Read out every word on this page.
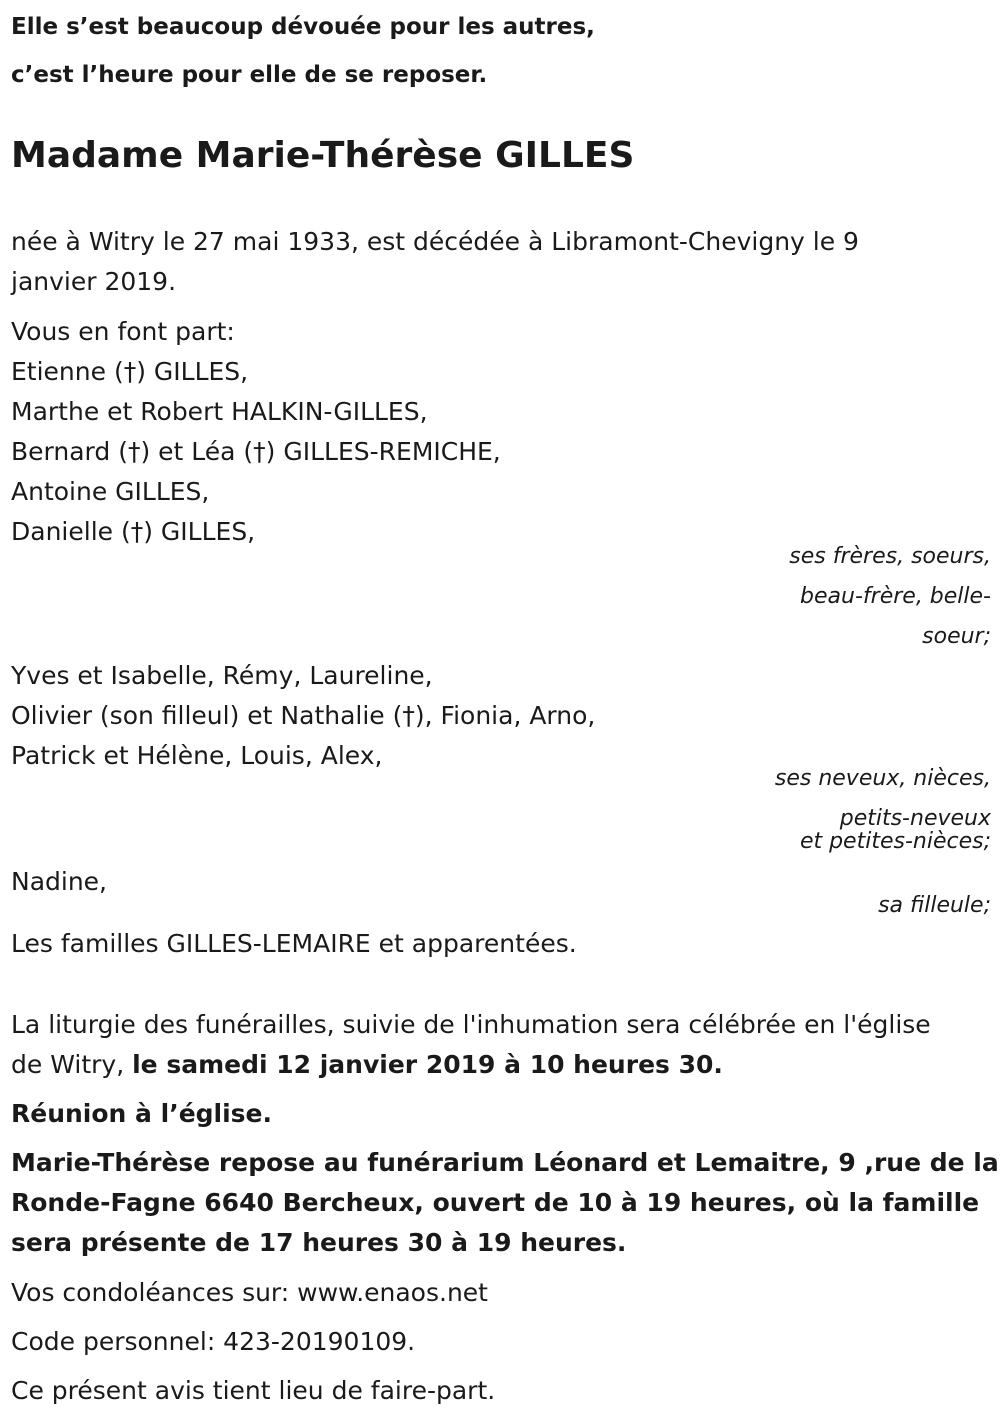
Elle s’est beaucoup dévouée pour les autres,
c’est l’heure pour elle de se reposer.
Madame Marie-Thérèse GILLES
née à Witry le 27 mai 1933, est décédée à Libramont-Chevigny le 9
janvier 2019.
Vous en font part:
Etienne (†) GILLES,
Marthe et Robert HALKIN-GILLES,
Bernard (†) et Léa (†) GILLES-REMICHE,
Antoine GILLES,
Danielle (†) GILLES,
ses frères, soeurs,
beau-frère, belle-
soeur;
Yves et Isabelle, Rémy, Laureline,
Olivier (son filleul) et Nathalie (†), Fionia, Arno,
Patrick et Hélène, Louis, Alex,
ses neveux, nièces,
petits-neveux
et petites-nièces;
Nadine,
sa filleule;
Les familles GILLES-LEMAIRE et apparentées.
La liturgie des funérailles, suivie de l'inhumation sera célébrée en l'église
de Witry, le samedi 12 janvier 2019 à 10 heures 30.
Réunion à l’église.
Marie-Thérèse repose au funérarium Léonard et Lemaitre, 9 ,rue de la
Ronde-Fagne 6640 Bercheux, ouvert de 10 à 19 heures, où la famille
sera présente de 17 heures 30 à 19 heures.
Vos condoléances sur: www.enaos.net
Code personnel: 423-20190109.
Ce présent avis tient lieu de faire-part.
